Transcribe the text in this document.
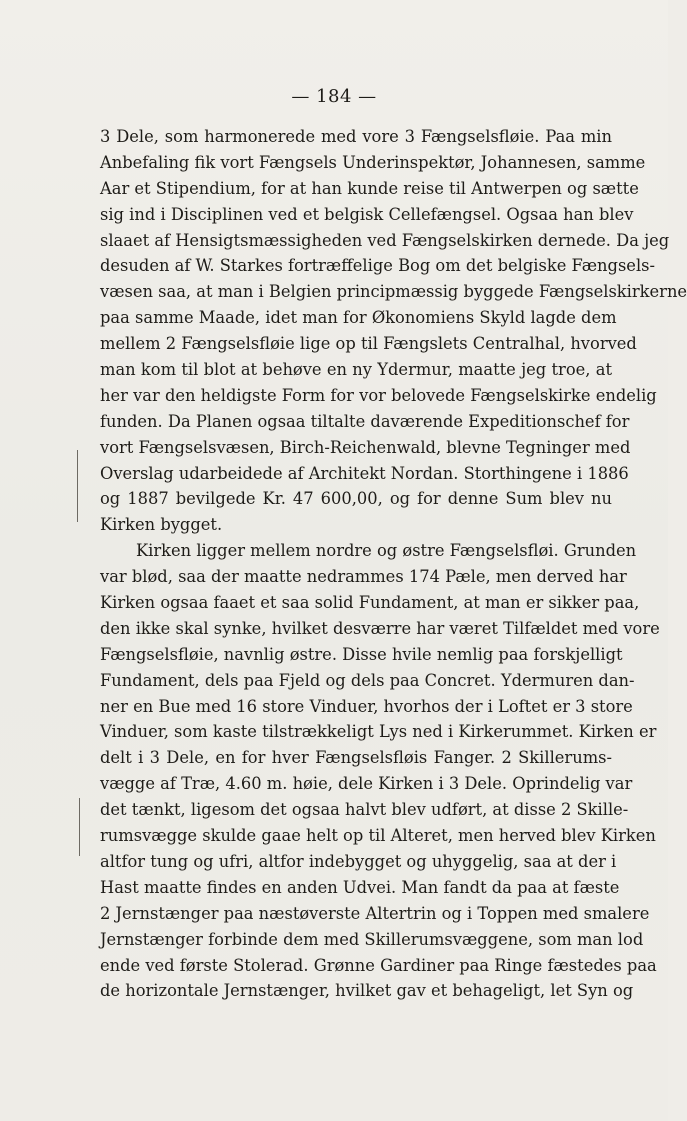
— 184 —
3 Dele, som harmonerede med vore 3 Fængselsfløie. Paa min
Anbefaling fik vort Fængsels Underinspektør, Johannesen, samme
Aar et Stipendium, for at han kunde reise til Antwerpen og sætte
sig ind i Disciplinen ved et belgisk Cellefængsel. Ogsaa han blev
slaaet af Hensigtsmæssigheden ved Fængselskirken dernede. Da jeg
desuden af W. Starkes fortræffelige Bog om det belgiske Fængsels-
væsen saa, at man i Belgien principmæssig byggede Fængselskirkerne
paa samme Maade, idet man for Økonomiens Skyld lagde dem
mellem 2 Fængselsfløie lige op til Fængslets Centralhal, hvorved
man kom til blot at behøve en ny Ydermur, maatte jeg troe, at
her var den heldigste Form for vor belovede Fængselskirke endelig
funden. Da Planen ogsaa tiltalte daværende Expeditionschef for
vort Fængselsvæsen, Birch-Reichenwald, blevne Tegninger med
Overslag udarbeidede af Architekt Nordan. Storthingene i 1886
og 1887 bevilgede Kr. 47 600,00, og for denne Sum blev nu
Kirken bygget.
Kirken ligger mellem nordre og østre Fængselsfløi. Grunden
var blød, saa der maatte nedrammes 174 Pæle, men derved har
Kirken ogsaa faaet et saa solid Fundament, at man er sikker paa,
den ikke skal synke, hvilket desværre har været Tilfældet med vore
Fængselsfløie, navnlig østre. Disse hvile nemlig paa forskjelligt
Fundament, dels paa Fjeld og dels paa Concret. Ydermuren dan-
ner en Bue med 16 store Vinduer, hvorhos der i Loftet er 3 store
Vinduer, som kaste tilstrækkeligt Lys ned i Kirkerummet. Kirken er
delt i 3 Dele, en for hver Fængselsfløis Fanger. 2 Skillerums-
vægge af Træ, 4.60 m. høie, dele Kirken i 3 Dele. Oprindelig var
det tænkt, ligesom det ogsaa halvt blev udført, at disse 2 Skille-
rumsvægge skulde gaae helt op til Alteret, men herved blev Kirken
altfor tung og ufri, altfor indebygget og uhyggelig, saa at der i
Hast maatte findes en anden Udvei. Man fandt da paa at fæste
2 Jernstænger paa næstøverste Altertrin og i Toppen med smalere
Jernstænger forbinde dem med Skillerumsvæggene, som man lod
ende ved første Stolerad. Grønne Gardiner paa Ringe fæstedes paa
de horizontale Jernstænger, hvilket gav et behageligt, let Syn og
